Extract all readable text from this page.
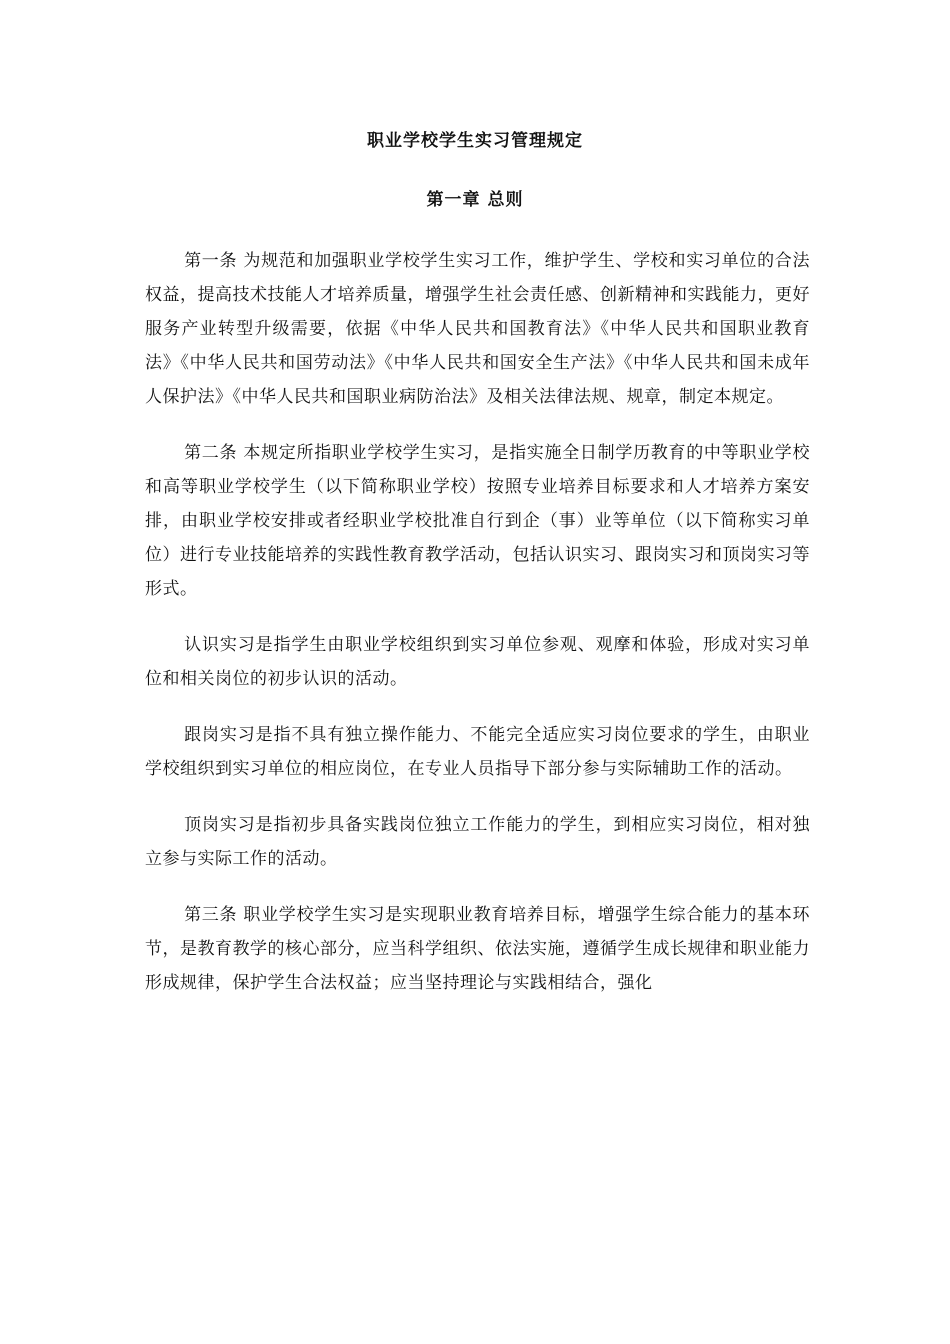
职业学校学生实习管理规定
第一章 总则

第一条 为规范和加强职业学校学生实习工作，维护学生、学校和实习单位的合法权益，提高技术技能人才培养质量，增强学生社会责任感、创新精神和实践能力，更好服务产业转型升级需要，依据《中华人民共和国教育法》《中华人民共和国职业教育法》《中华人民共和国劳动法》《中华人民共和国安全生产法》《中华人民共和国未成年人保护法》《中华人民共和国职业病防治法》及相关法律法规、规章，制定本规定。

第二条 本规定所指职业学校学生实习，是指实施全日制学历教育的中等职业学校和高等职业学校学生（以下简称职业学校）按照专业培养目标要求和人才培养方案安排，由职业学校安排或者经职业学校批准自行到企（事）业等单位（以下简称实习单位）进行专业技能培养的实践性教育教学活动，包括认识实习、跟岗实习和顶岗实习等形式。

认识实习是指学生由职业学校组织到实习单位参观、观摩和体验，形成对实习单位和相关岗位的初步认识的活动。

跟岗实习是指不具有独立操作能力、不能完全适应实习岗位要求的学生，由职业学校组织到实习单位的相应岗位，在专业人员指导下部分参与实际辅助工作的活动。

顶岗实习是指初步具备实践岗位独立工作能力的学生，到相应实习岗位，相对独立参与实际工作的活动。

第三条 职业学校学生实习是实现职业教育培养目标，增强学生综合能力的基本环节，是教育教学的核心部分，应当科学组织、依法实施，遵循学生成长规律和职业能力形成规律，保护学生合法权益；应当坚持理论与实践相结合，强化
